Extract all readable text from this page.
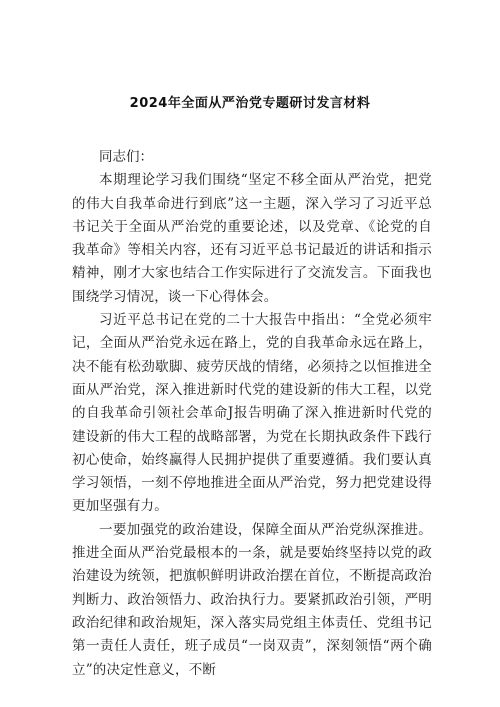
2024年全面从严治党专题研讨发言材料

同志们：

本期理论学习我们围绕“坚定不移全面从严治党，把党的伟大自我革命进行到底”这一主题，深入学习了习近平总书记关于全面从严治党的重要论述，以及党章、《论党的自我革命》等相关内容，还有习近平总书记最近的讲话和指示精神，刚才大家也结合工作实际进行了交流发言。下面我也围绕学习情况，谈一下心得体会。

习近平总书记在党的二十大报告中指出：“全党必须牢记，全面从严治党永远在路上，党的自我革命永远在路上，决不能有松劲歇脚、疲劳厌战的情绪，必须持之以恒推进全面从严治党，深入推进新时代党的建设新的伟大工程，以党的自我革命引领社会革命J报告明确了深入推进新时代党的建设新的伟大工程的战略部署，为党在长期执政条件下践行初心使命，始终赢得人民拥护提供了重要遵循。我们要认真学习领悟，一刻不停地推进全面从严治党，努力把党建设得更加坚强有力。

一要加强党的政治建设，保障全面从严治党纵深推进。推进全面从严治党最根本的一条，就是要始终坚持以党的政治建设为统领，把旗帜鲜明讲政治摆在首位，不断提高政治判断力、政治领悟力、政治执行力。要紧抓政治引领，严明政治纪律和政治规矩，深入落实局党组主体责任、党组书记第一责任人责任，班子成员“一岗双责”，深刻领悟“两个确立”的决定性意义，不断
